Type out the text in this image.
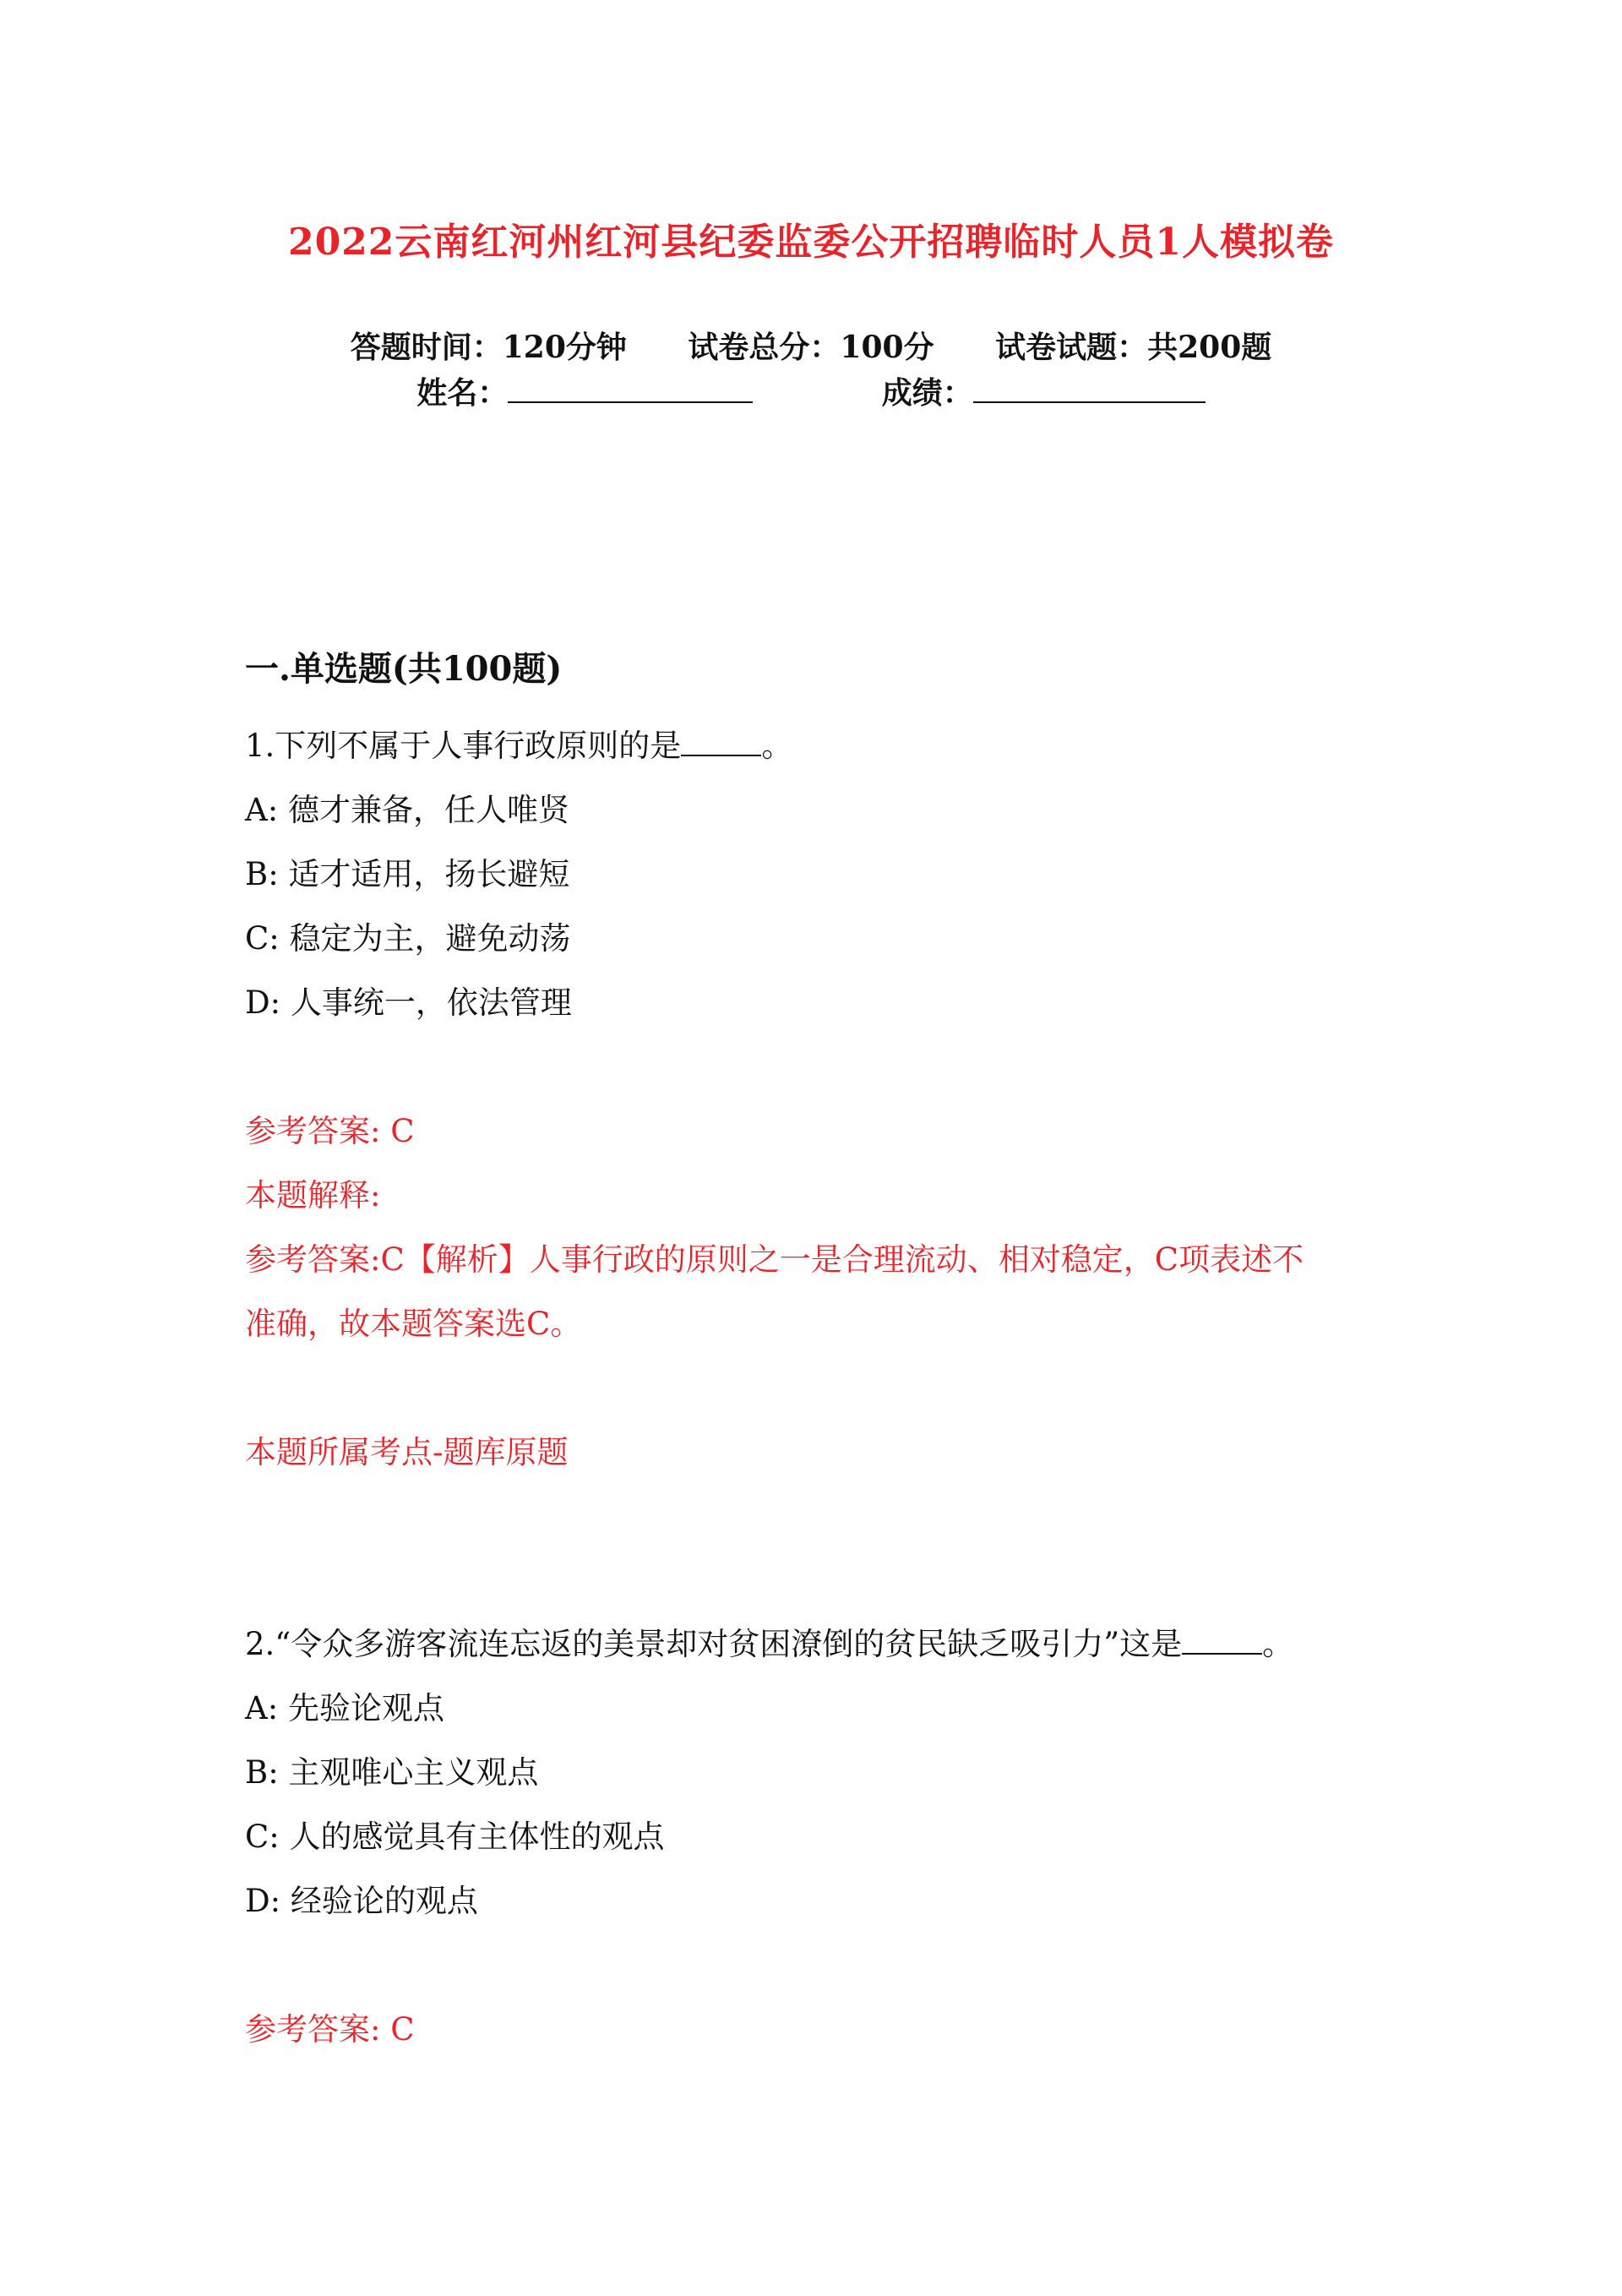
2022云南红河州红河县纪委监委公开招聘临时人员1人模拟卷
答题时间：120分钟 试卷总分：100分 试卷试题：共200题
姓名：	成绩：
一.单选题(共100题)
1.下列不属于人事行政原则的是	。
A: 德才兼备，任人唯贤
B: 适才适用，扬长避短
C: 稳定为主，避免动荡
D: 人事统一，依法管理
参考答案: C
本题解释:
参考答案:C【解析】人事行政的原则之一是合理流动、相对稳定，C项表述不
准确，故本题答案选C。
本题所属考点-题库原题
2.“令众多游客流连忘返的美景却对贫困潦倒的贫民缺乏吸引力”这是	。
A: 先验论观点
B: 主观唯心主义观点
C: 人的感觉具有主体性的观点
D: 经验论的观点
参考答案: C
